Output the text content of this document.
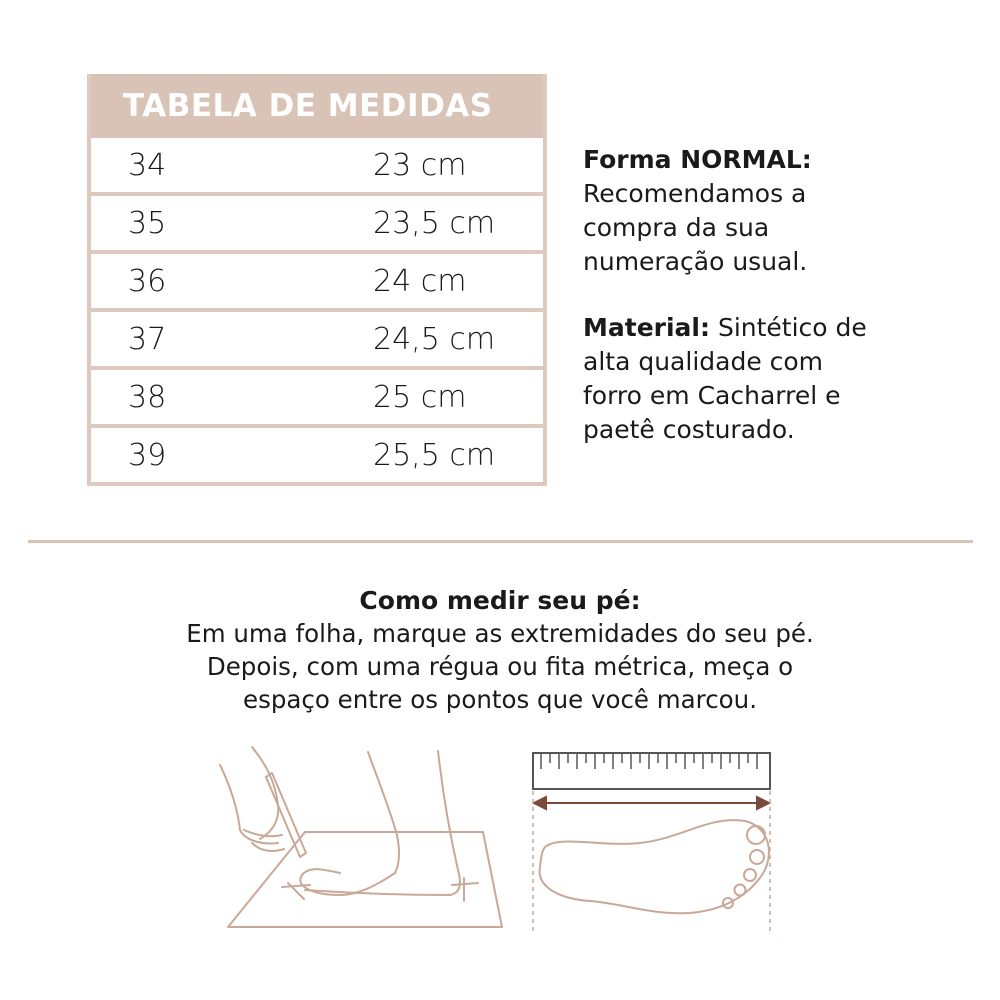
TABELA DE MEDIDAS
34	23 cm
35	23,5 cm
36	24 cm
37	24,5 cm
38	25 cm
39	25,5 cm

Forma NORMAL:
Recomendamos a
compra da sua
numeração usual.

Material: Sintético de
alta qualidade com
forro em Cacharrel e
paetê costurado.

Como medir seu pé:

Em uma folha, marque as extremidades do seu pé.

Depois, com uma régua ou fita métrica, meça o

espaço entre os pontos que você marcou.
